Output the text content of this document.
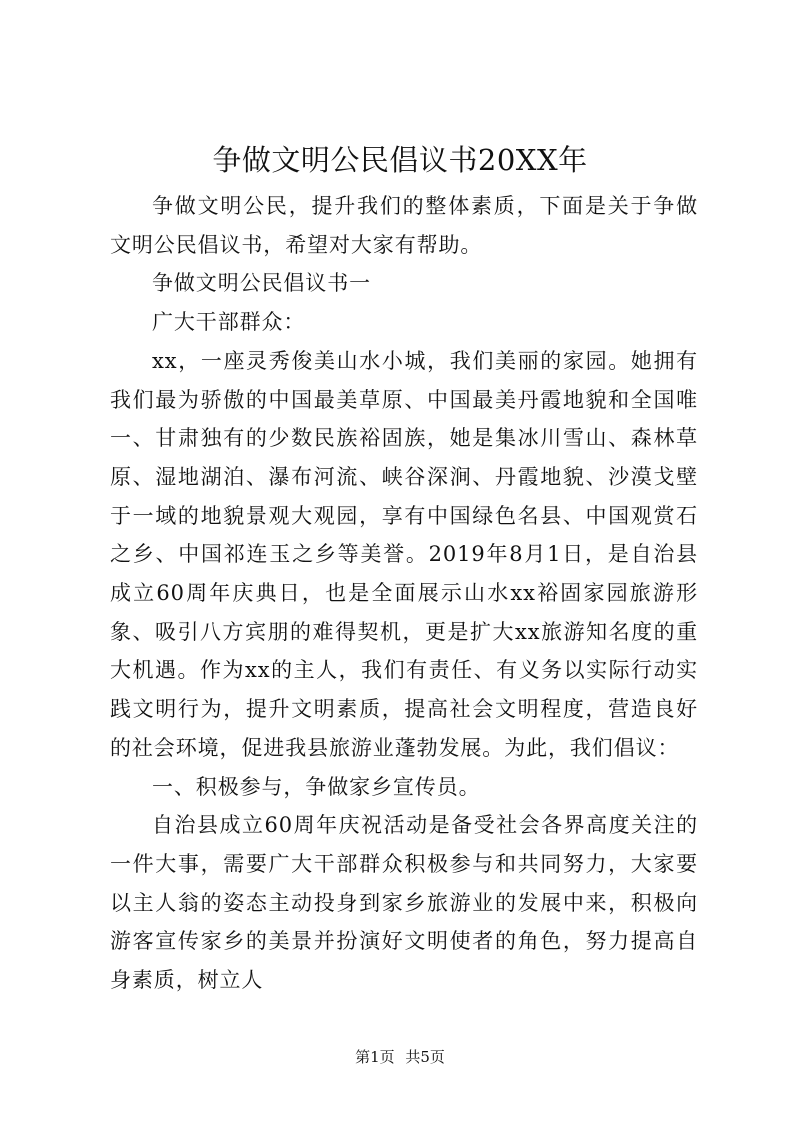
争做文明公民倡议书20XX年

争做文明公民，提升我们的整体素质，下面是关于争做文明公民倡议书，希望对大家有帮助。

争做文明公民倡议书一

广大干部群众：

xx，一座灵秀俊美山水小城，我们美丽的家园。她拥有我们最为骄傲的中国最美草原、中国最美丹霞地貌和全国唯一、甘肃独有的少数民族裕固族，她是集冰川雪山、森林草原、湿地湖泊、瀑布河流、峡谷深涧、丹霞地貌、沙漠戈壁于一域的地貌景观大观园，享有中国绿色名县、中国观赏石之乡、中国祁连玉之乡等美誉。2019年8月1日，是自治县成立60周年庆典日，也是全面展示山水xx裕固家园旅游形象、吸引八方宾朋的难得契机，更是扩大xx旅游知名度的重大机遇。作为xx的主人，我们有责任、有义务以实际行动实践文明行为，提升文明素质，提高社会文明程度，营造良好的社会环境，促进我县旅游业蓬勃发展。为此，我们倡议：

一、积极参与，争做家乡宣传员。

自治县成立60周年庆祝活动是备受社会各界高度关注的一件大事，需要广大干部群众积极参与和共同努力，大家要以主人翁的姿态主动投身到家乡旅游业的发展中来，积极向游客宣传家乡的美景并扮演好文明使者的角色，努力提高自身素质，树立人

第1页 共5页
